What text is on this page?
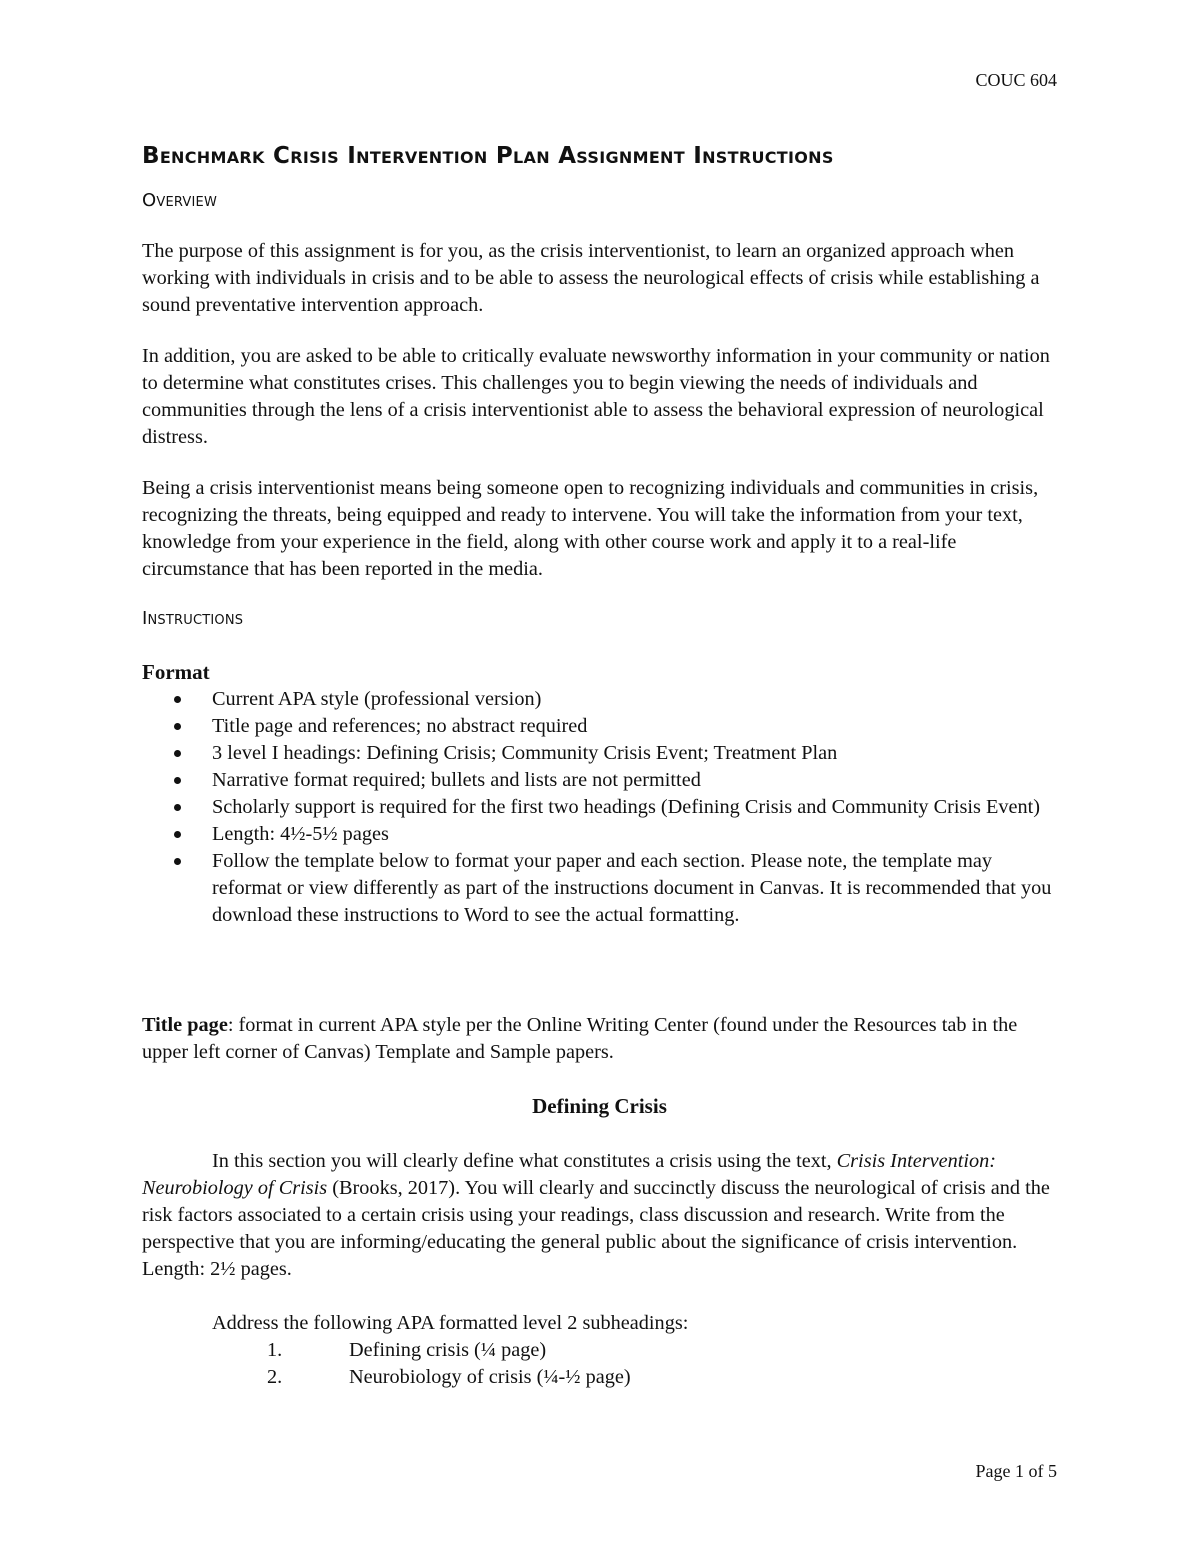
COUC 604
Benchmark Crisis Intervention Plan Assignment Instructions
Overview

The purpose of this assignment is for you, as the crisis interventionist, to learn an organized approach when working with individuals in crisis and to be able to assess the neurological effects of crisis while establishing a sound preventative intervention approach.

In addition, you are asked to be able to critically evaluate newsworthy information in your community or nation to determine what constitutes crises. This challenges you to begin viewing the needs of individuals and communities through the lens of a crisis interventionist able to assess the behavioral expression of neurological distress.

Being a crisis interventionist means being someone open to recognizing individuals and communities in crisis, recognizing the threats, being equipped and ready to intervene. You will take the information from your text, knowledge from your experience in the field, along with other course work and apply it to a real-life circumstance that has been reported in the media.

Instructions
Format
Current APA style (professional version)
Title page and references; no abstract required
3 level I headings: Defining Crisis; Community Crisis Event; Treatment Plan
Narrative format required; bullets and lists are not permitted
Scholarly support is required for the first two headings (Defining Crisis and Community Crisis Event)
Length: 4½-5½ pages
Follow the template below to format your paper and each section. Please note, the template may reformat or view differently as part of the instructions document in Canvas. It is recommended that you download these instructions to Word to see the actual formatting.

Title page: format in current APA style per the Online Writing Center (found under the Resources tab in the upper left corner of Canvas) Template and Sample papers.

Defining Crisis

In this section you will clearly define what constitutes a crisis using the text, Crisis Intervention: Neurobiology of Crisis (Brooks, 2017). You will clearly and succinctly discuss the neurological of crisis and the risk factors associated to a certain crisis using your readings, class discussion and research. Write from the perspective that you are informing/educating the general public about the significance of crisis intervention. Length: 2½ pages.

Address the following APA formatted level 2 subheadings:

1.	Defining crisis (¼ page)
2.	Neurobiology of crisis (¼-½ page)
Page 1 of 5
